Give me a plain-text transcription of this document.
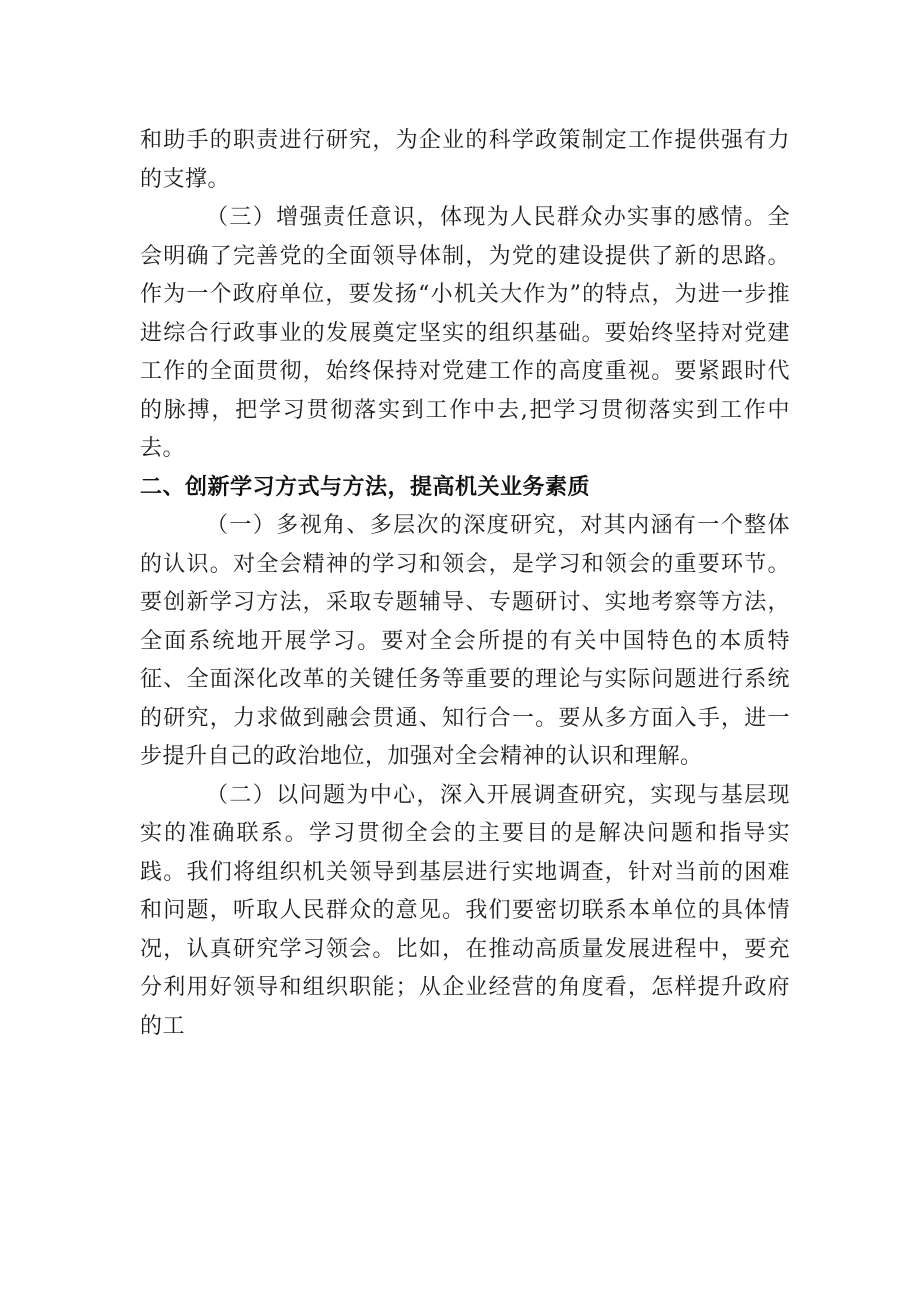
和助手的职责进行研究，为企业的科学政策制定工作提供强有力的支撑。

（三）增强责任意识，体现为人民群众办实事的感情。全会明确了完善党的全面领导体制，为党的建设提供了新的思路。作为一个政府单位，要发扬“小机关大作为”的特点，为进一步推进综合行政事业的发展奠定坚实的组织基础。要始终坚持对党建工作的全面贯彻，始终保持对党建工作的高度重视。要紧跟时代的脉搏，把学习贯彻落实到工作中去,把学习贯彻落实到工作中去。

二、创新学习方式与方法，提高机关业务素质

（一）多视角、多层次的深度研究，对其内涵有一个整体的认识。对全会精神的学习和领会，是学习和领会的重要环节。要创新学习方法，采取专题辅导、专题研讨、实地考察等方法，全面系统地开展学习。要对全会所提的有关中国特色的本质特征、全面深化改革的关键任务等重要的理论与实际问题进行系统的研究，力求做到融会贯通、知行合一。要从多方面入手，进一步提升自己的政治地位，加强对全会精神的认识和理解。

（二）以问题为中心，深入开展调查研究，实现与基层现实的准确联系。学习贯彻全会的主要目的是解决问题和指导实践。我们将组织机关领导到基层进行实地调查，针对当前的困难和问题，听取人民群众的意见。我们要密切联系本单位的具体情况，认真研究学习领会。比如，在推动高质量发展进程中，要充分利用好领导和组织职能；从企业经营的角度看，怎样提升政府的工
